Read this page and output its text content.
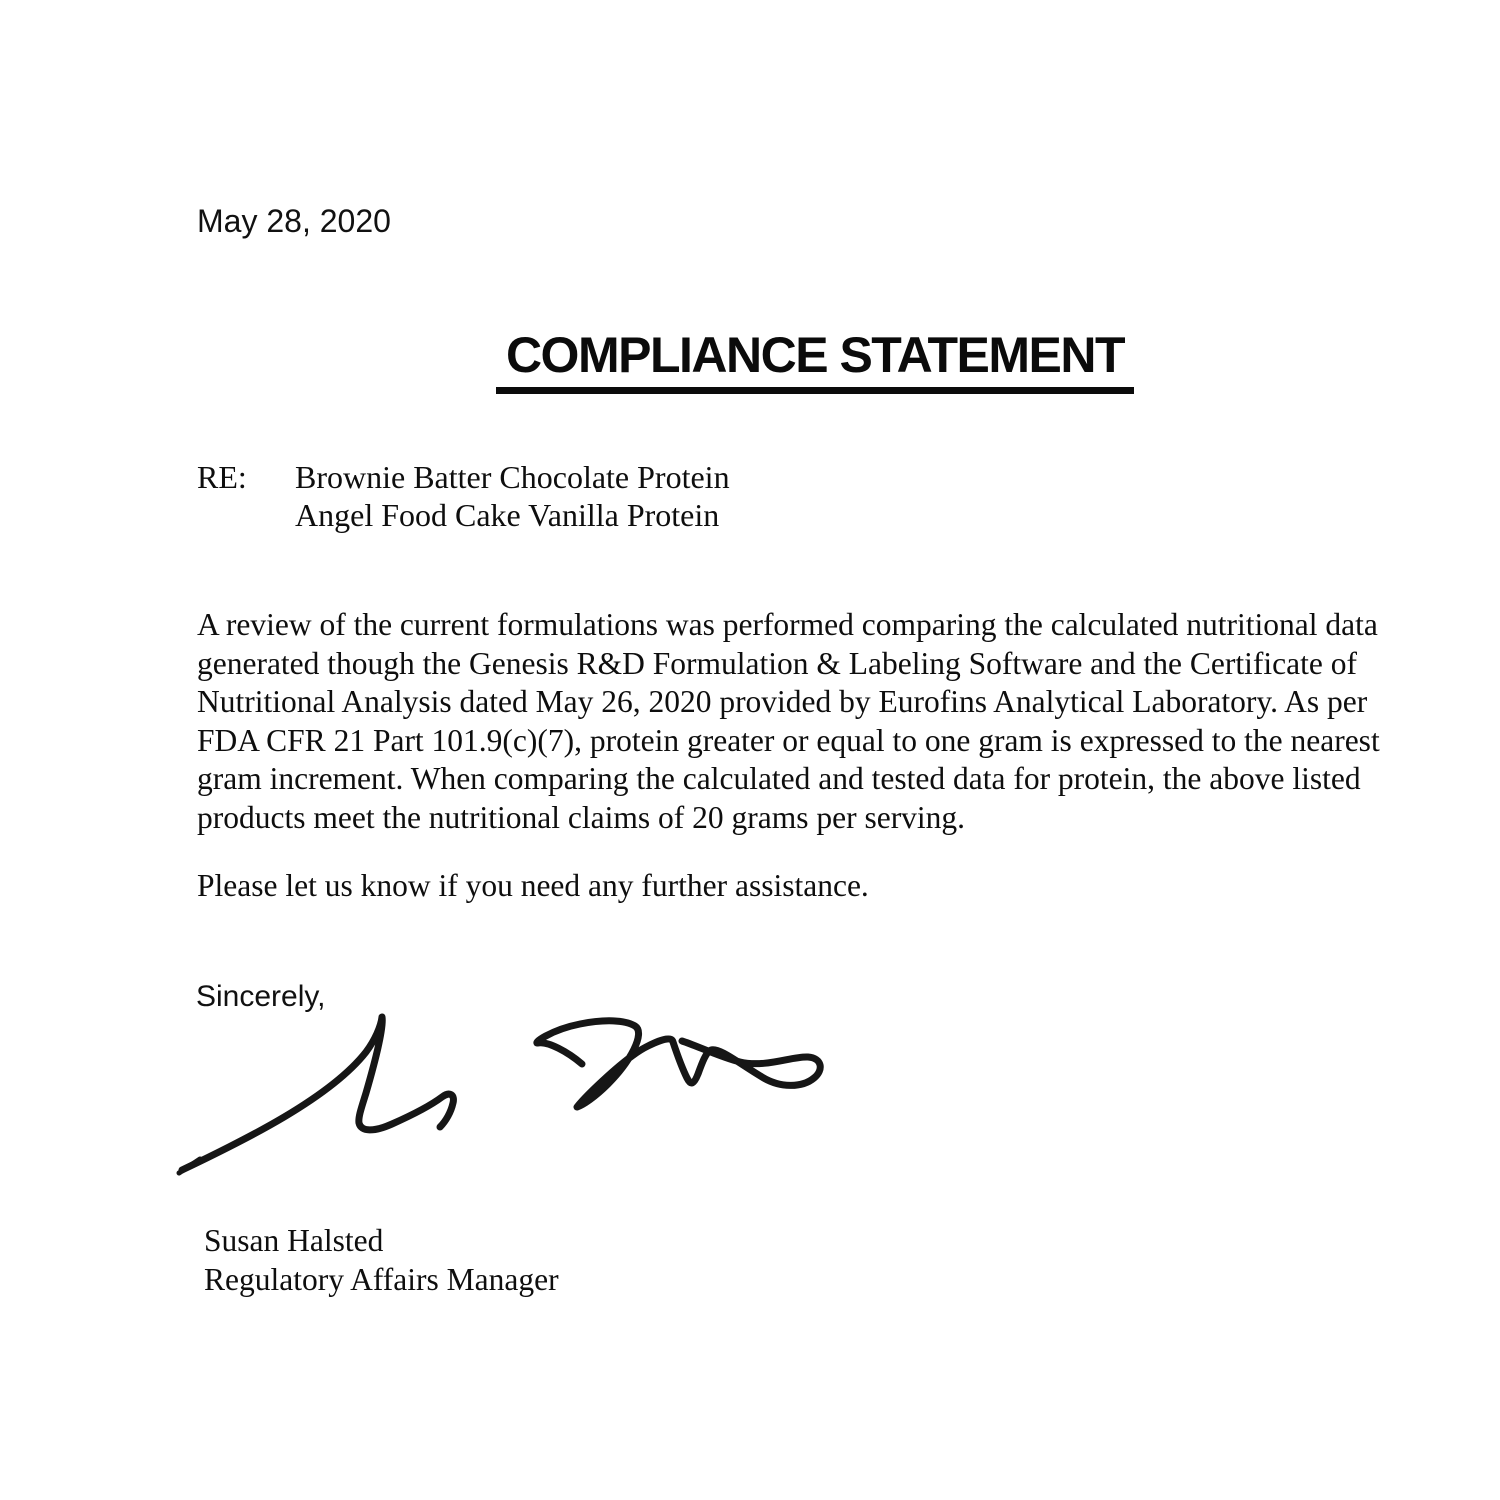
May 28, 2020
COMPLIANCE STATEMENT
RE:	Brownie Batter Chocolate Protein
Angel Food Cake Vanilla Protein
A review of the current formulations was performed comparing the calculated nutritional data
generated though the Genesis R&D Formulation & Labeling Software and the Certificate of
Nutritional Analysis dated May 26, 2020 provided by Eurofins Analytical Laboratory. As per
FDA CFR 21 Part 101.9(c)(7), protein greater or equal to one gram is expressed to the nearest
gram increment. When comparing the calculated and tested data for protein, the above listed
products meet the nutritional claims of 20 grams per serving.
Please let us know if you need any further assistance.
Sincerely,
Susan Halsted
Regulatory Affairs Manager
